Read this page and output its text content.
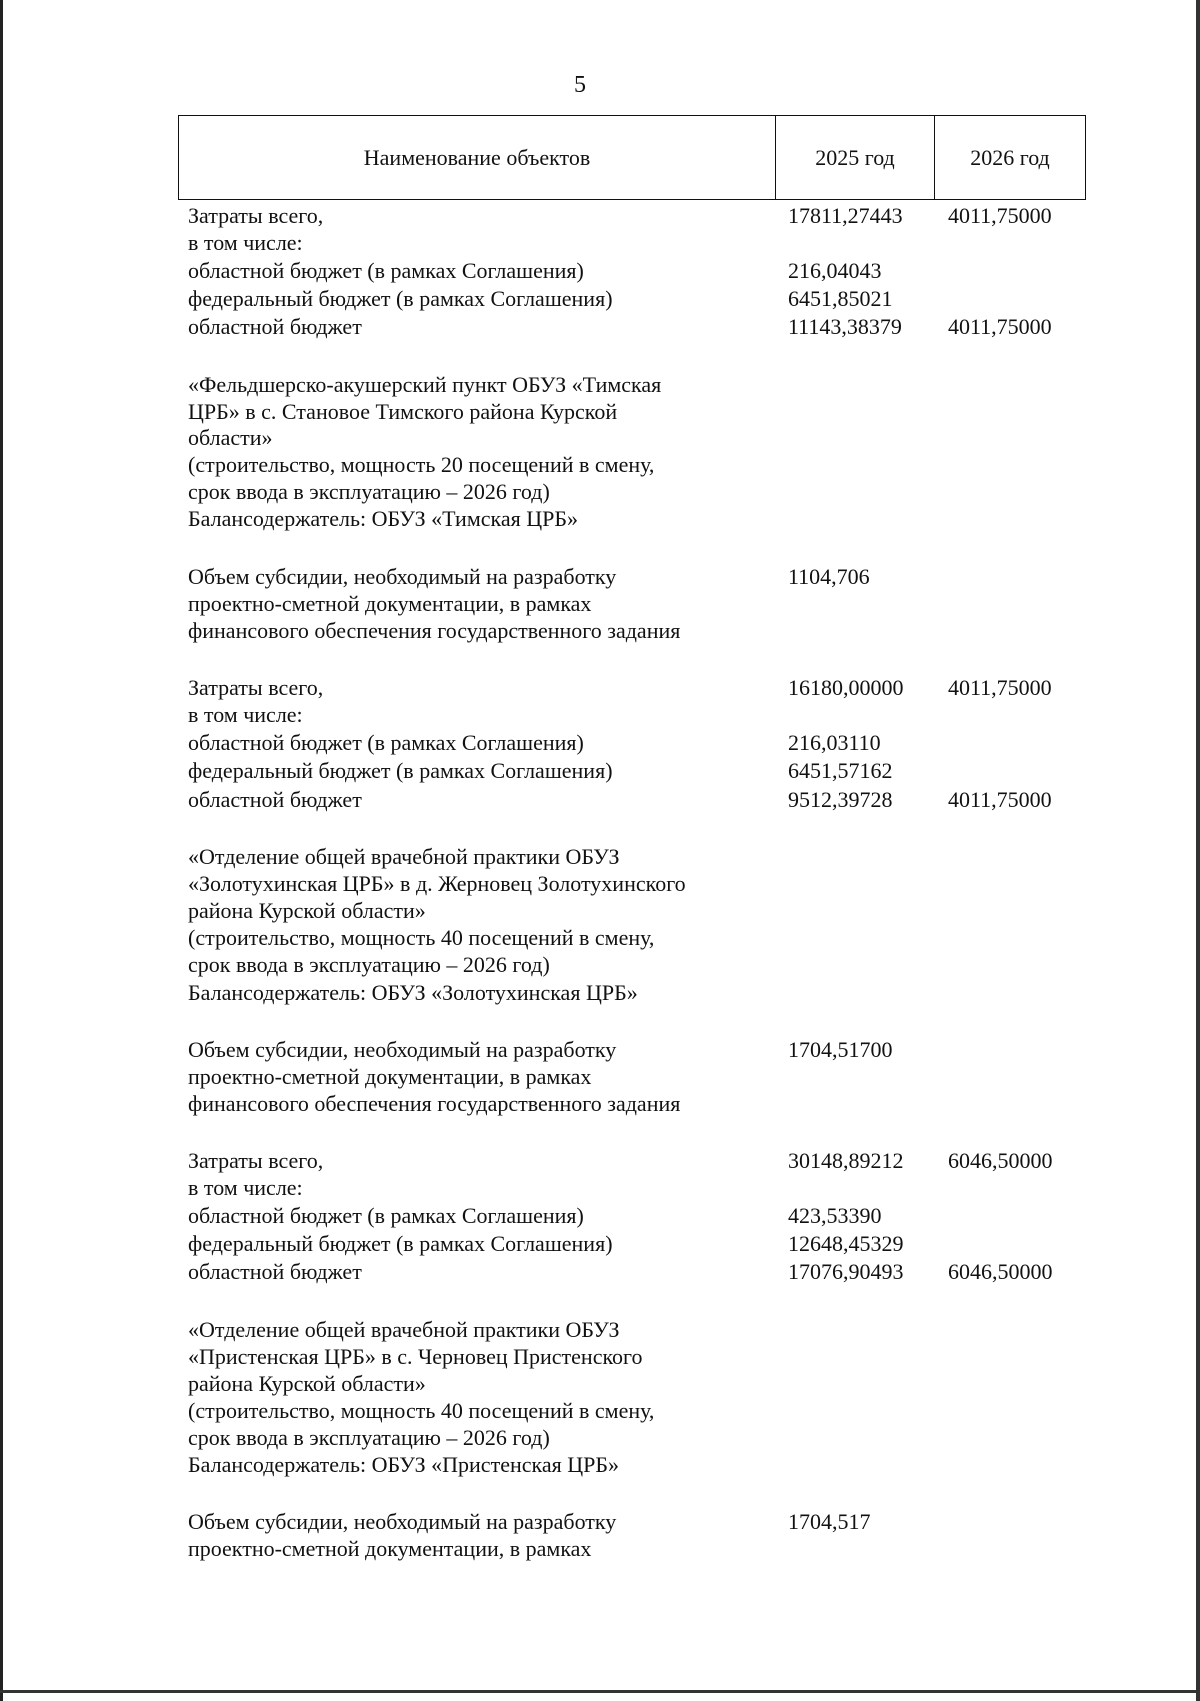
5
Наименование объектов	2025 год	2026 год
Затраты всего,	17811,27443 4011,75000
в том числе:
областной бюджет (в рамках Соглашения)	216,04043
федеральный бюджет (в рамках Соглашения)	6451,85021
областной бюджет	11143,38379 4011,75000
«Фельдшерско-акушерский пункт ОБУЗ «Тимская
ЦРБ» в с. Становое Тимского района Курской
области»
(строительство, мощность 20 посещений в смену,
срок ввода в эксплуатацию – 2026 год)
Балансодержатель: ОБУЗ «Тимская ЦРБ»
Объем субсидии, необходимый на разработку	1104,706
проектно-сметной документации, в рамках
финансового обеспечения государственного задания
Затраты всего,	16180,00000 4011,75000
в том числе:
областной бюджет (в рамках Соглашения)	216,03110
федеральный бюджет (в рамках Соглашения)	6451,57162
областной бюджет	9512,39728	4011,75000
«Отделение общей врачебной практики ОБУЗ
«Золотухинская ЦРБ» в д. Жерновец Золотухинского
района Курской области»
(строительство, мощность 40 посещений в смену,
срок ввода в эксплуатацию – 2026 год)
Балансодержатель: ОБУЗ «Золотухинская ЦРБ»
Объем субсидии, необходимый на разработку	1704,51700
проектно-сметной документации, в рамках
финансового обеспечения государственного задания
Затраты всего,	30148,89212 6046,50000
в том числе:
областной бюджет (в рамках Соглашения)	423,53390
федеральный бюджет (в рамках Соглашения)	12648,45329
областной бюджет	17076,90493 6046,50000
«Отделение общей врачебной практики ОБУЗ
«Пристенская ЦРБ» в с. Черновец Пристенского
района Курской области»
(строительство, мощность 40 посещений в смену,
срок ввода в эксплуатацию – 2026 год)
Балансодержатель: ОБУЗ «Пристенская ЦРБ»
Объем субсидии, необходимый на разработку	1704,517
проектно-сметной документации, в рамках
